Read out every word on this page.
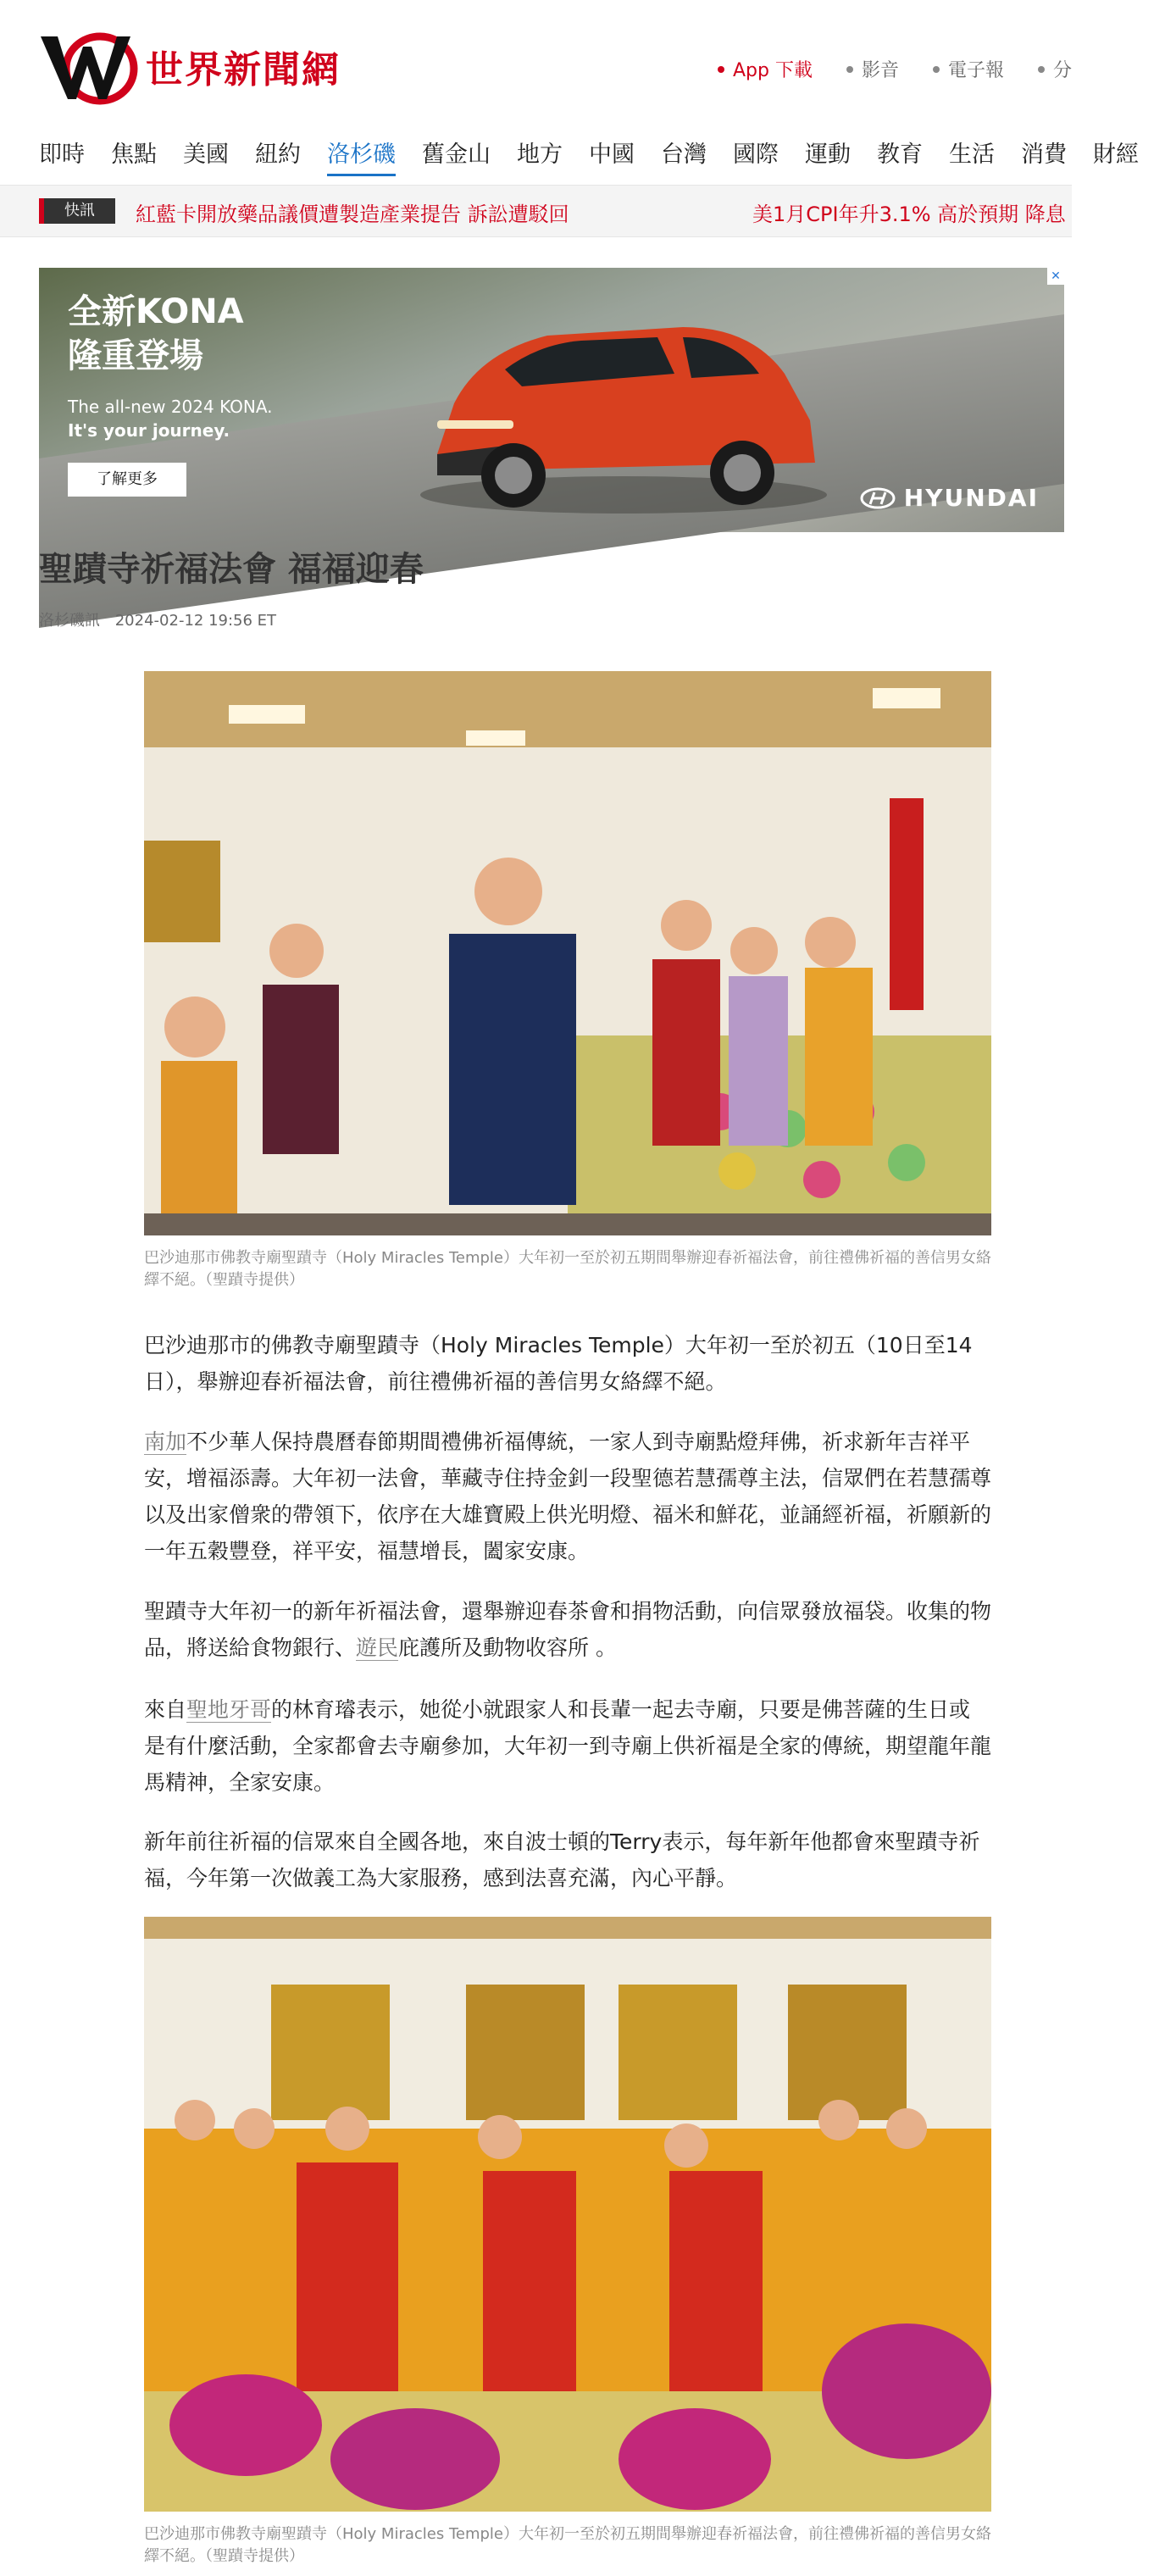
世界新聞網	App 下載	影音	電子報	分
即時 焦點 美國 紐約 洛杉磯 舊金山 地方 中國 台灣 國際 運動 教育 生活 消費 財經
快訊	紅藍卡開放藥品議價遭製造產業提告 訴訟遭駁回	美1月CPI年升3.1% 高於預期 降息
✕
全新KONA
隆重登場
The all-new 2024 KONA.
It's your journey.
了解更多
HYUNDAI
聖蹟寺祈福法會 福福迎春
洛杉磯訊 2024-02-12 19:56 ET
巴沙迪那市佛教寺廟聖蹟寺（Holy Miracles Temple）大年初一至於初五期間舉辦迎春祈福法會，前往禮佛祈福的善信男女絡繹不絕。（聖蹟寺提供）

巴沙迪那市的佛教寺廟聖蹟寺（Holy Miracles Temple）大年初一至於初五（10日至14日），舉辦迎春祈福法會，前往禮佛祈福的善信男女絡繹不絕。

南加不少華人保持農曆春節期間禮佛祈福傳統，一家人到寺廟點燈拜佛，祈求新年吉祥平安，增福添壽。大年初一法會，華藏寺住持金釗一段聖德若慧孺尊主法，信眾們在若慧孺尊以及出家僧衆的帶領下，依序在大雄寶殿上供光明燈、福米和鮮花，並誦經祈福，祈願新的一年五穀豐登，祥平安，福慧增長，闔家安康。

聖蹟寺大年初一的新年祈福法會，還舉辦迎春茶會和捐物活動，向信眾發放福袋。收集的物品，將送給食物銀行、遊民庇護所及動物收容所 。

來自聖地牙哥的林育璿表示，她從小就跟家人和長輩一起去寺廟，只要是佛菩薩的生日或是有什麼活動，全家都會去寺廟參加，大年初一到寺廟上供祈福是全家的傳統，期望龍年龍馬精神，全家安康。

新年前往祈福的信眾來自全國各地，來自波士頓的Terry表示，每年新年他都會來聖蹟寺祈福，今年第一次做義工為大家服務，感到法喜充滿，內心平靜。

巴沙迪那市佛教寺廟聖蹟寺（Holy Miracles Temple）大年初一至於初五期間舉辦迎春祈福法會，前往禮佛祈福的善信男女絡繹不絕。（聖蹟寺提供）
